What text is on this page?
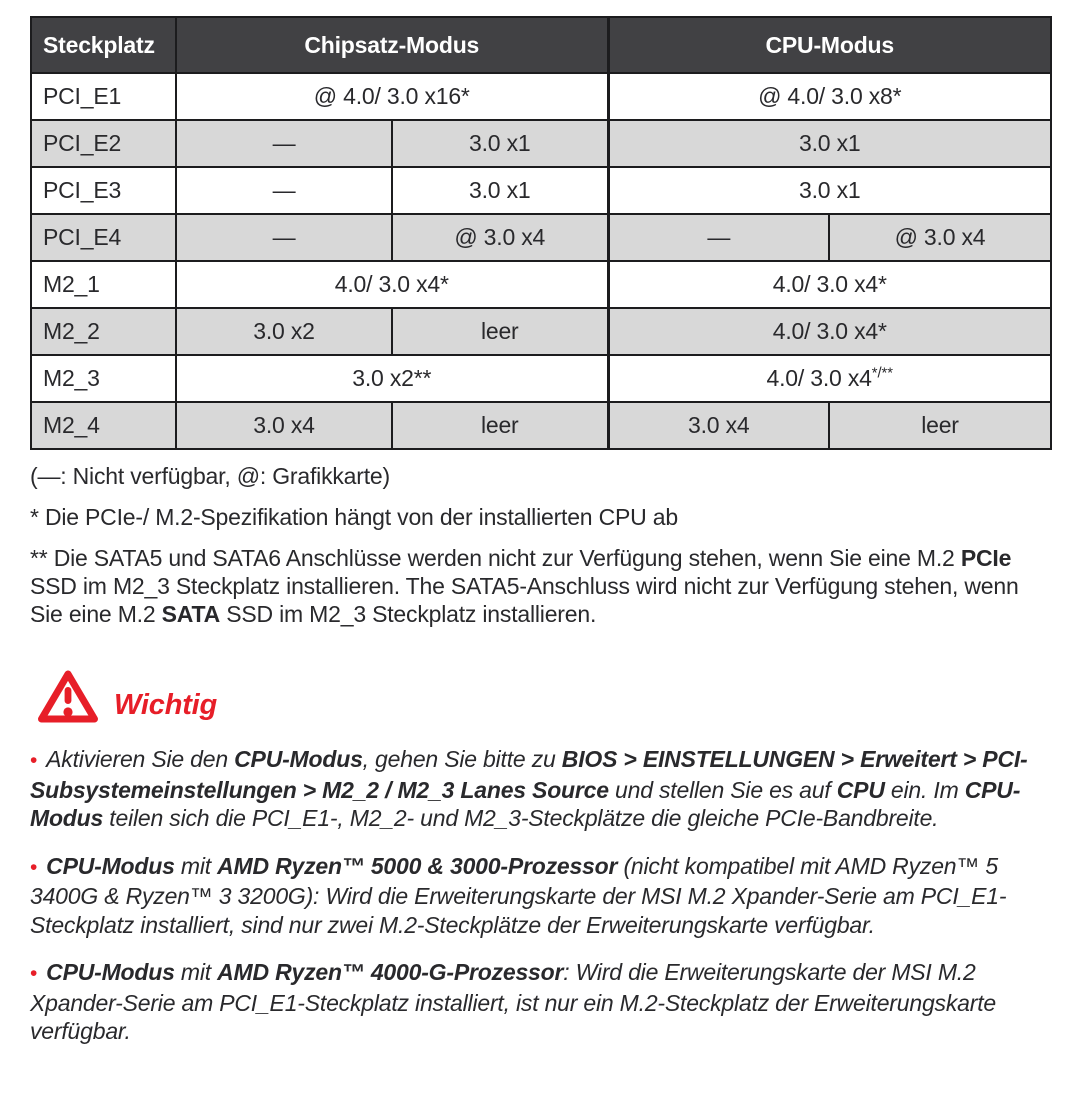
Steckplatz	Chipsatz-Modus		CPU-Modus	
PCI_E1	@ 4.0/ 3.0 x16*		@ 4.0/ 3.0 x8*	
PCI_E2	—	3.0 x1	3.0 x1	
PCI_E3	—	3.0 x1	3.0 x1	
PCI_E4	—	@ 3.0 x4	—	@ 3.0 x4
M2_1	4.0/ 3.0 x4*		4.0/ 3.0 x4*	
M2_2	3.0 x2	leer	4.0/ 3.0 x4*	
M2_3	3.0 x2**		4.0/ 3.0 x4*/**
M2_4	3.0 x4	leer	3.0 x4	leer

(—: Nicht verfügbar, @: Grafikkarte)

* Die PCIe-/ M.2-Spezifikation hängt von der installierten CPU ab

** Die SATA5 und SATA6 Anschlüsse werden nicht zur Verfügung stehen, wenn Sie eine M.2 PCIe SSD im M2_3 Steckplatz installieren. The SATA5-Anschluss wird nicht zur Verfügung stehen, wenn Sie eine M.2 SATA SSD im M2_3 Steckplatz installieren.

Wichtig

• Aktivieren Sie den CPU-Modus, gehen Sie bitte zu BIOS > EINSTELLUNGEN > Erweitert > PCI-Subsystemeinstellungen > M2_2 / M2_3 Lanes Source und stellen Sie es auf CPU ein. Im CPU-Modus teilen sich die PCI_E1-, M2_2- und M2_3-Steckplätze die gleiche PCIe-Bandbreite.

• CPU-Modus mit AMD Ryzen™ 5000 & 3000-Prozessor (nicht kompatibel mit AMD Ryzen™ 5 3400G & Ryzen™ 3 3200G): Wird die Erweiterungskarte der MSI M.2 Xpander-Serie am PCI_E1-Steckplatz installiert, sind nur zwei M.2-Steckplätze der Erweiterungskarte verfügbar.

• CPU-Modus mit AMD Ryzen™ 4000-G-Prozessor: Wird die Erweiterungskarte der MSI M.2 Xpander-Serie am PCI_E1-Steckplatz installiert, ist nur ein M.2-Steckplatz der Erweiterungskarte verfügbar.
